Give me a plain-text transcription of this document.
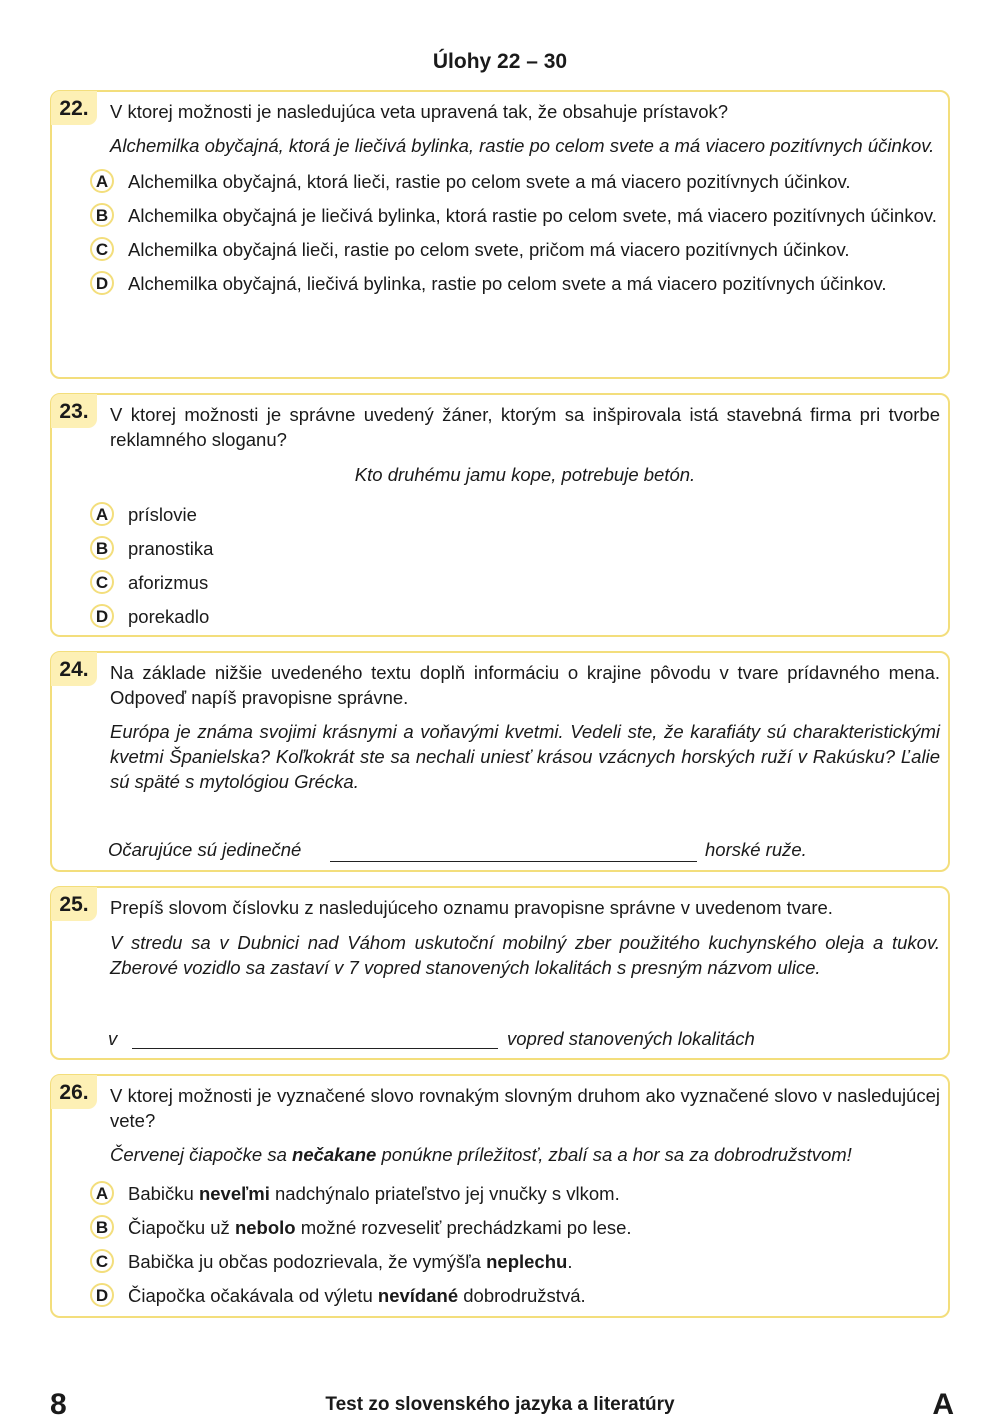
Úlohy 22 – 30
22.	V ktorej možnosti je nasledujúca veta upravená tak, že obsahuje prístavok?
Alchemilka obyčajná, ktorá je liečivá bylinka, rastie po celom svete a má viacero pozitívnych účinkov.
A	Alchemilka obyčajná, ktorá lieči, rastie po celom svete a má viacero pozitívnych účinkov.
B	Alchemilka obyčajná je liečivá bylinka, ktorá rastie po celom svete, má viacero pozitívnych účinkov.
C	Alchemilka obyčajná lieči, rastie po celom svete, pričom má viacero pozitívnych účinkov.
D	Alchemilka obyčajná, liečivá bylinka, rastie po celom svete a má viacero pozitívnych účinkov.
23.	V ktorej možnosti je správne uvedený žáner, ktorým sa inšpirovala istá stavebná firma pri tvorbe reklamného sloganu?
Kto druhému jamu kope, potrebuje betón.
A	príslovie
B	pranostika
C	aforizmus
D	porekadlo
24.	Na základe nižšie uvedeného textu doplň informáciu o krajine pôvodu v tvare prídavného mena. Odpoveď napíš pravopisne správne.
Európa je známa svojimi krásnymi a voňavými kvetmi. Vedeli ste, že karafiáty sú charakteristickými kvetmi Španielska? Koľkokrát ste sa nechali uniesť krásou vzácnych horských ruží v Rakúsku? Ľalie sú späté s mytológiou Grécka.
Očarujúce sú jedinečné	horské ruže.
25.	Prepíš slovom číslovku z nasledujúceho oznamu pravopisne správne v uvedenom tvare.
V stredu sa v Dubnici nad Váhom uskutoční mobilný zber použitého kuchynského oleja a tukov. Zberové vozidlo sa zastaví v 7 vopred stanovených lokalitách s presným názvom ulice.
v	vopred stanovených lokalitách
26.	V ktorej možnosti je vyznačené slovo rovnakým slovným druhom ako vyznačené slovo v nasledujúcej vete?
Červenej čiapočke sa nečakane ponúkne príležitosť, zbalí sa a hor sa za dobrodružstvom!
A	Babičku neveľmi nadchýnalo priateľstvo jej vnučky s vlkom.
B	Čiapočku už nebolo možné rozveseliť prechádzkami po lese.
C	Babička ju občas podozrievala, že vymýšľa neplechu.
D	Čiapočka očakávala od výletu nevídané dobrodružstvá.
8	Test zo slovenského jazyka a literatúry	A
